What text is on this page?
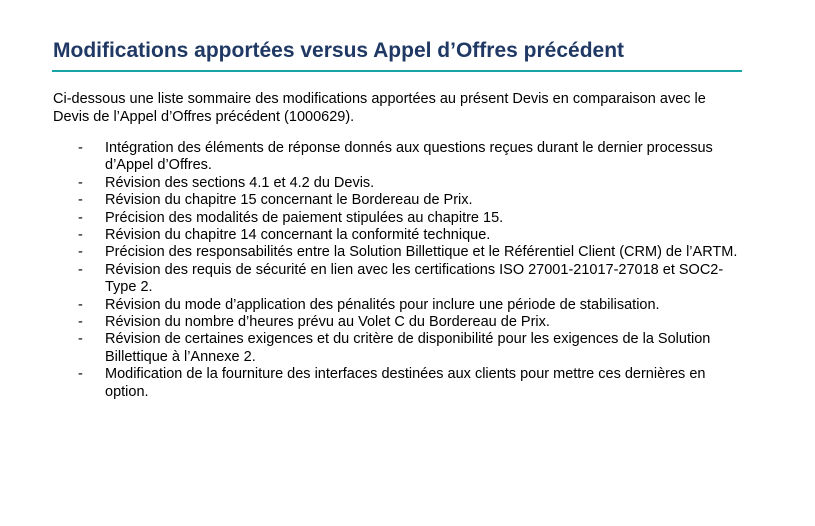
Modifications apportées versus Appel d’Offres précédent

Ci-dessous une liste sommaire des modifications apportées au présent Devis en comparaison avec le Devis de l’Appel d’Offres précédent (1000629).

- Intégration des éléments de réponse donnés aux questions reçues durant le dernier processus d’Appel d’Offres.
- Révision des sections 4.1 et 4.2 du Devis.
- Révision du chapitre 15 concernant le Bordereau de Prix.
- Précision des modalités de paiement stipulées au chapitre 15.
- Révision du chapitre 14 concernant la conformité technique.
- Précision des responsabilités entre la Solution Billettique et le Référentiel Client (CRM) de l’ARTM.
- Révision des requis de sécurité en lien avec les certifications ISO 27001-21017-27018 et SOC2-Type 2.
- Révision du mode d’application des pénalités pour inclure une période de stabilisation.
- Révision du nombre d’heures prévu au Volet C du Bordereau de Prix.
- Révision de certaines exigences et du critère de disponibilité pour les exigences de la Solution Billettique à l’Annexe 2.
- Modification de la fourniture des interfaces destinées aux clients pour mettre ces dernières en option.
